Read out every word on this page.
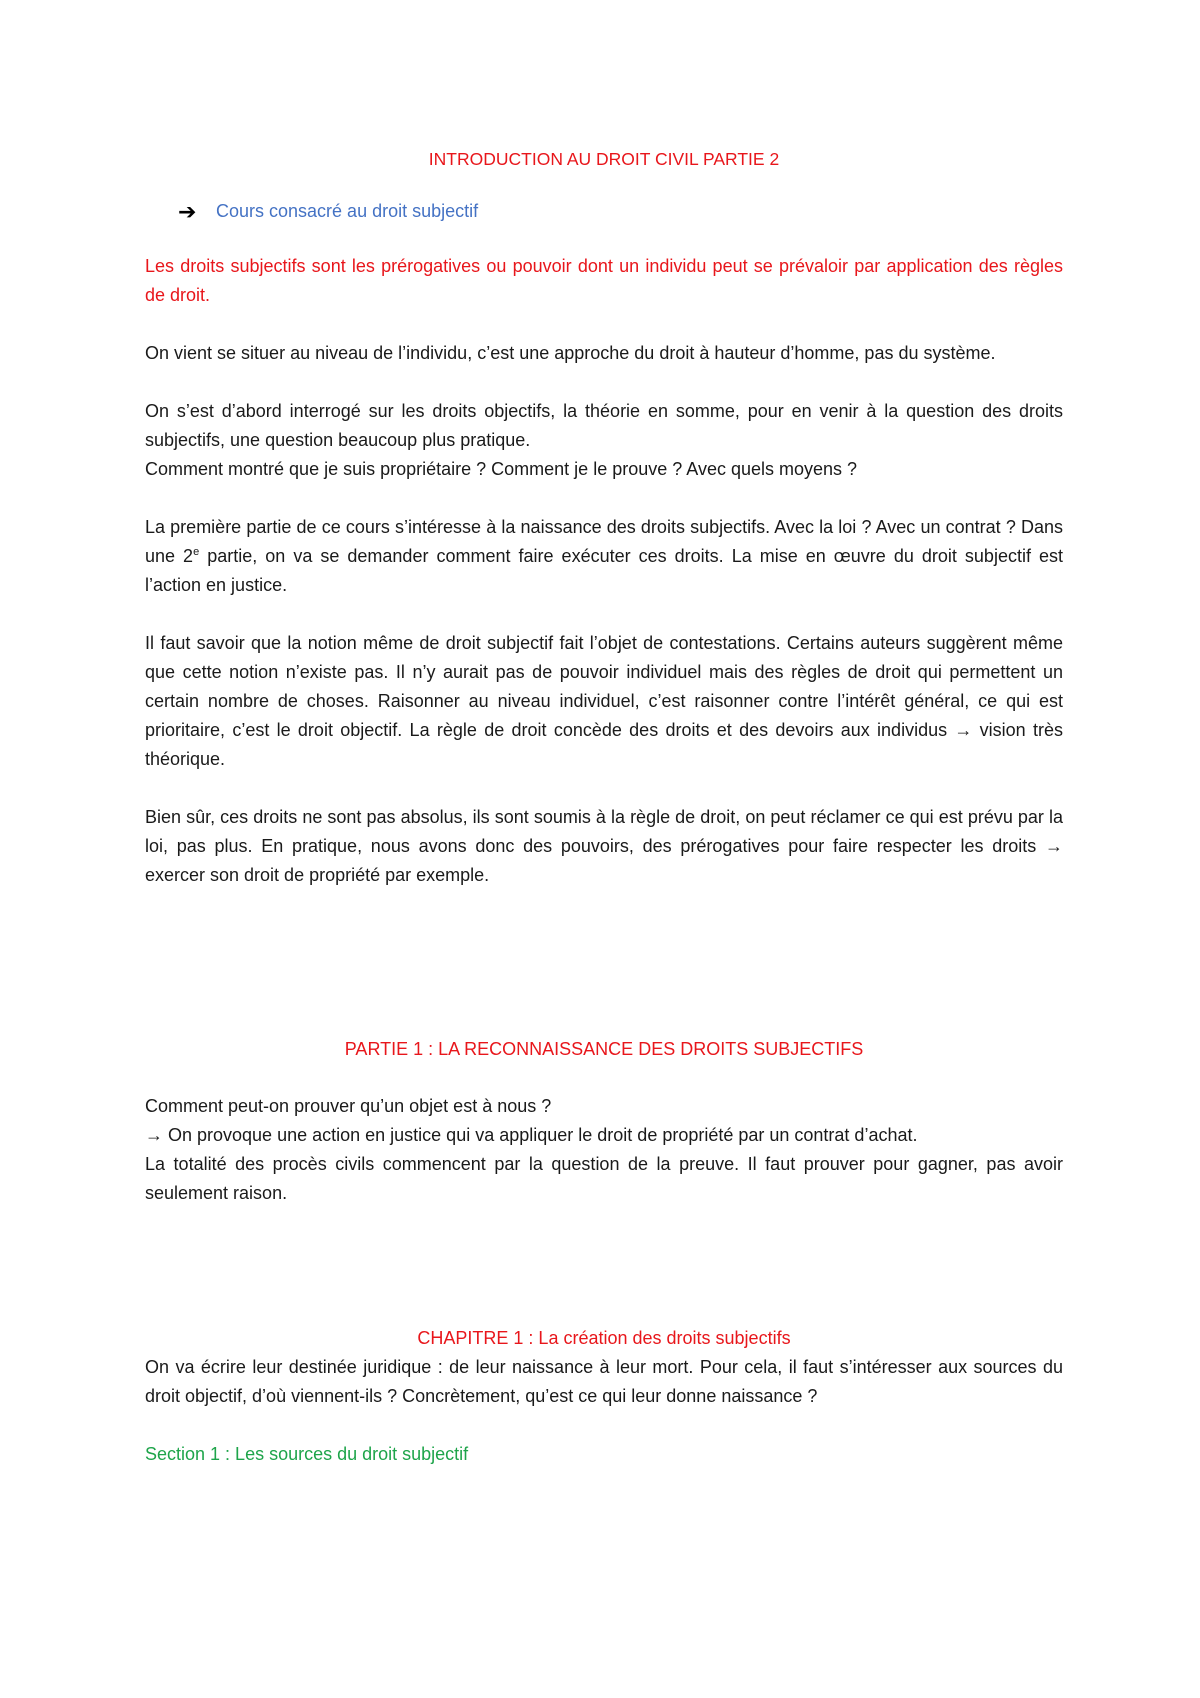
INTRODUCTION AU DROIT CIVIL PARTIE 2

➔	Cours consacré au droit subjectif

Les droits subjectifs sont les prérogatives ou pouvoir dont un individu peut se prévaloir par application des règles de droit.

On vient se situer au niveau de l’individu, c’est une approche du droit à hauteur d’homme, pas du système.

On s’est d’abord interrogé sur les droits objectifs, la théorie en somme, pour en venir à la question des droits subjectifs, une question beaucoup plus pratique.

Comment montré que je suis propriétaire ? Comment je le prouve ? Avec quels moyens ?

La première partie de ce cours s’intéresse à la naissance des droits subjectifs. Avec la loi ? Avec un contrat ? Dans une 2e partie, on va se demander comment faire exécuter ces droits. La mise en œuvre du droit subjectif est l’action en justice.

Il faut savoir que la notion même de droit subjectif fait l’objet de contestations. Certains auteurs suggèrent même que cette notion n’existe pas. Il n’y aurait pas de pouvoir individuel mais des règles de droit qui permettent un certain nombre de choses. Raisonner au niveau individuel, c’est raisonner contre l’intérêt général, ce qui est prioritaire, c’est le droit objectif. La règle de droit concède des droits et des devoirs aux individus → vision très théorique.

Bien sûr, ces droits ne sont pas absolus, ils sont soumis à la règle de droit, on peut réclamer ce qui est prévu par la loi, pas plus. En pratique, nous avons donc des pouvoirs, des prérogatives pour faire respecter les droits → exercer son droit de propriété par exemple.

PARTIE 1 : LA RECONNAISSANCE DES DROITS SUBJECTIFS

Comment peut-on prouver qu’un objet est à nous ?

→ On provoque une action en justice qui va appliquer le droit de propriété par un contrat d’achat.

La totalité des procès civils commencent par la question de la preuve. Il faut prouver pour gagner, pas avoir seulement raison.

CHAPITRE 1 : La création des droits subjectifs

On va écrire leur destinée juridique : de leur naissance à leur mort. Pour cela, il faut s’intéresser aux sources du droit objectif, d’où viennent-ils ? Concrètement, qu’est ce qui leur donne naissance ?

Section 1 : Les sources du droit subjectif
